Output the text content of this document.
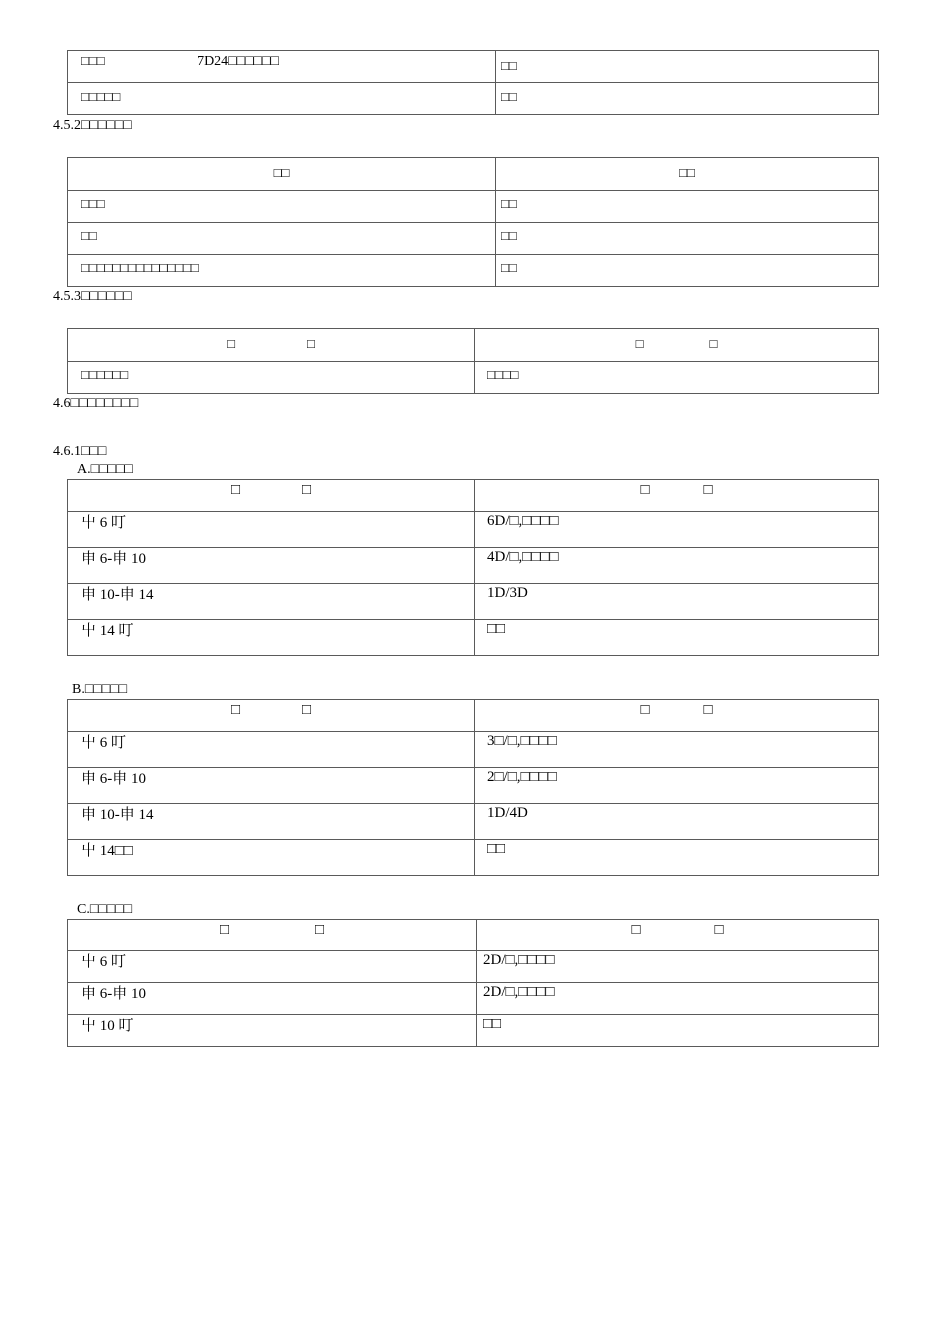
□□□ 7D24□□□□□□	□□
□□□□□	□□
4.5.2□□□□□□
□□	□□
□□□	□□
□□	□□
□□□□□□□□□□□□□□□	□□
4.5.3□□□□□□
□ □	□ □
□□□□□□	□□□□
4.6□□□□□□□□
4.6.1□□□
A.□□□□□
□ □	□ □
屮 6 叮	6D/□,□□□□
申 6-申 10	4D/□,□□□□
申 10-申 14	1D/3D
屮 14 叮	□□
B.□□□□□
□ □	□ □
屮 6 叮	3□/□,□□□□
申 6-申 10	2□/□,□□□□
申 10-申 14	1D/4D
屮 14□□	□□
C.□□□□□
□ □	□ □
屮 6 叮	2D/□,□□□□
申 6-申 10	2D/□,□□□□
屮 10 叮	□□
